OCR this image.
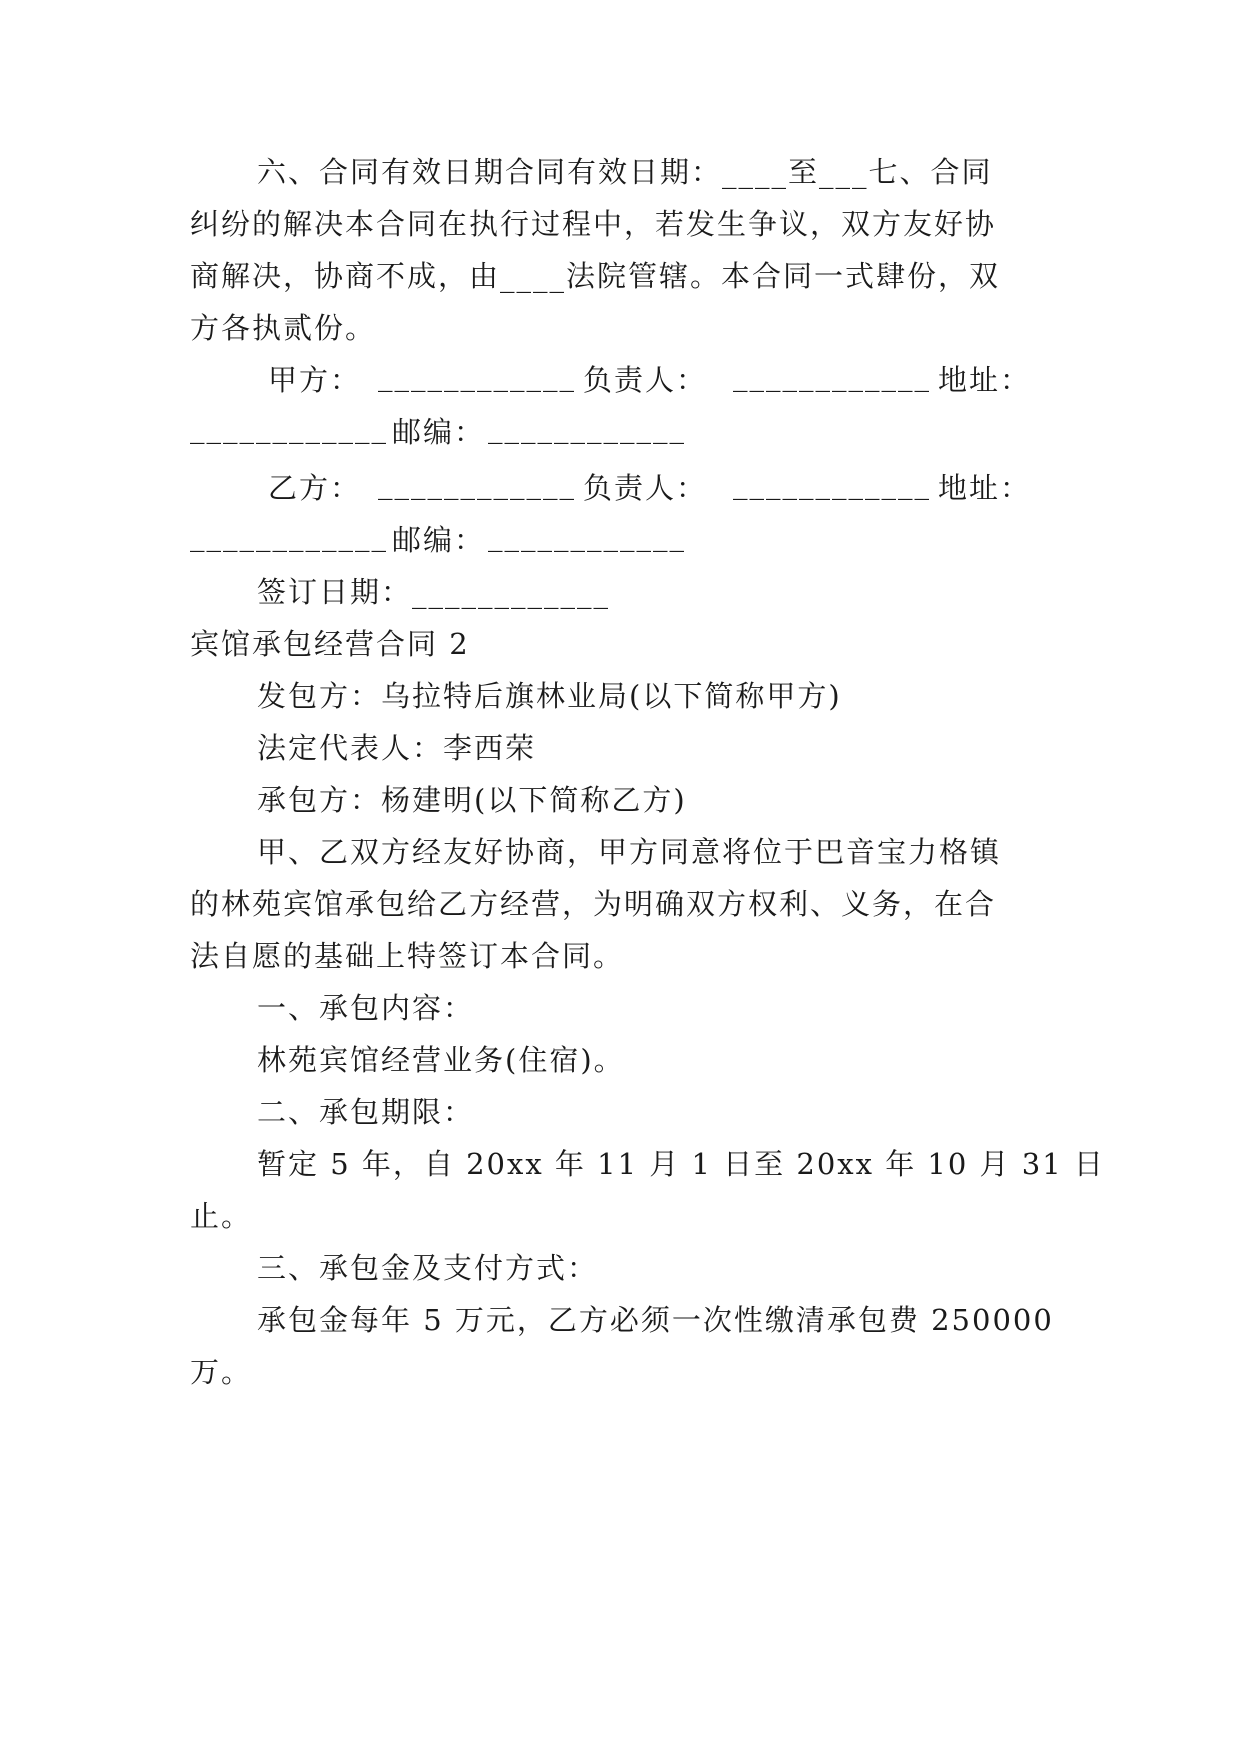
六、合同有效日期合同有效日期：____至___七、合同
纠纷的解决本合同在执行过程中，若发生争议，双方友好协
商解决，协商不成，由____法院管辖。本合同一式肆份，双
方各执贰份。
甲方： ____________ 负责人： ____________ 地址：
____________ 邮编： ____________
乙方： ____________ 负责人： ____________ 地址：
____________ 邮编： ____________
签订日期：____________
宾馆承包经营合同 2
发包方：乌拉特后旗林业局(以下简称甲方)
法定代表人：李西荣
承包方：杨建明(以下简称乙方)
甲、乙双方经友好协商，甲方同意将位于巴音宝力格镇
的林苑宾馆承包给乙方经营，为明确双方权利、义务，在合
法自愿的基础上特签订本合同。
一、承包内容：
林苑宾馆经营业务(住宿)。
二、承包期限：
暂定 5 年，自 20xx 年 11 月 1 日至 20xx 年 10 月 31 日
止。
三、承包金及支付方式：
承包金每年 5 万元，乙方必须一次性缴清承包费 250000
万。
